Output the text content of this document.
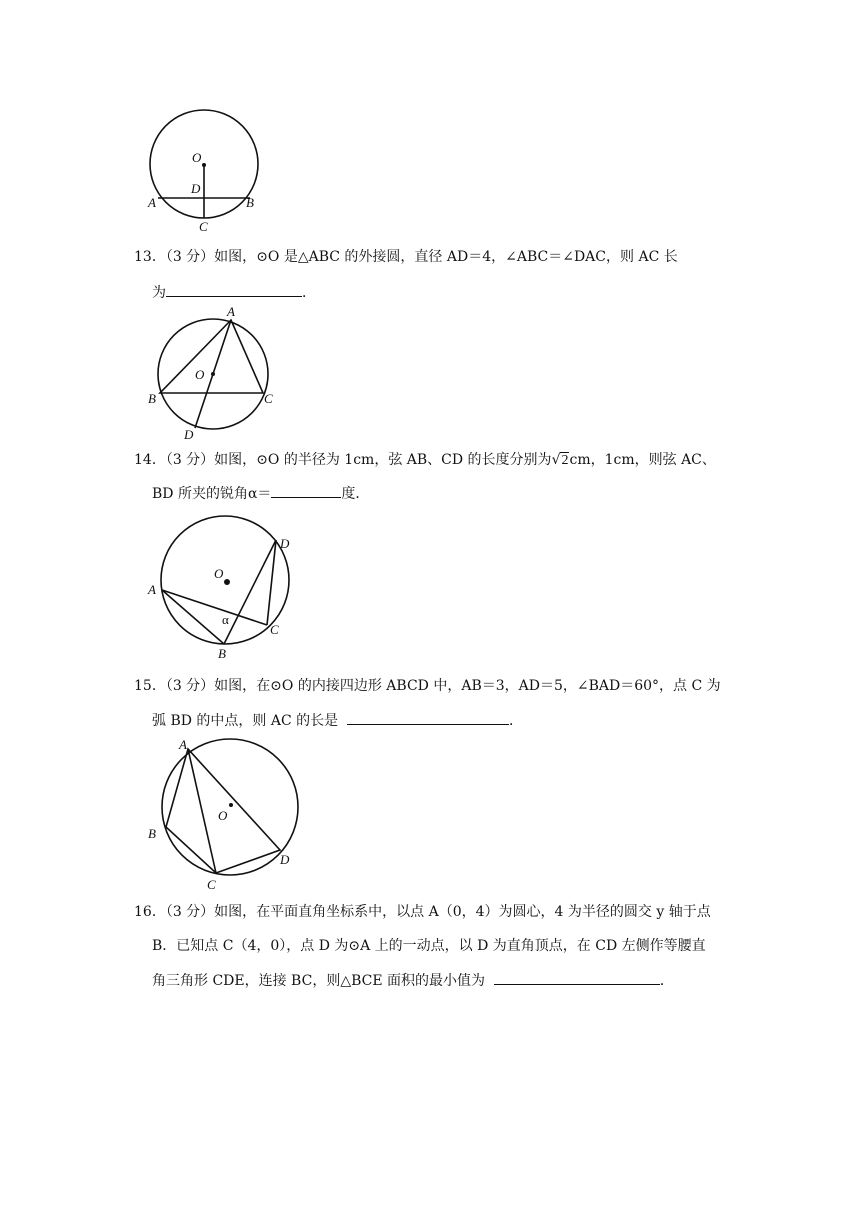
O
D
A	B
C
13．（3 分）如图，⊙O 是△ABC 的外接圆，直径 AD＝4，∠ABC＝∠DAC，则 AC 长
为	．
A
O
B	C
D
14．（3 分）如图，⊙O 的半径为 1cm，弦 AB、CD 的长度分别为√2cm，1cm，则弦 AC、
BD 所夹的锐角α＝	度．
O
A
D
C
B
α
15．（3 分）如图，在⊙O 的内接四边形 ABCD 中，AB＝3，AD＝5，∠BAD＝60°，点 C 为
弧 BD 的中点，则 AC 的长是	．
A
O
B
D
C
16．（3 分）如图，在平面直角坐标系中，以点 A（0，4）为圆心，4 为半径的圆交 y 轴于点
B．已知点 C（4，0），点 D 为⊙A 上的一动点，以 D 为直角顶点，在 CD 左侧作等腰直
角三角形 CDE，连接 BC，则△BCE 面积的最小值为	．
